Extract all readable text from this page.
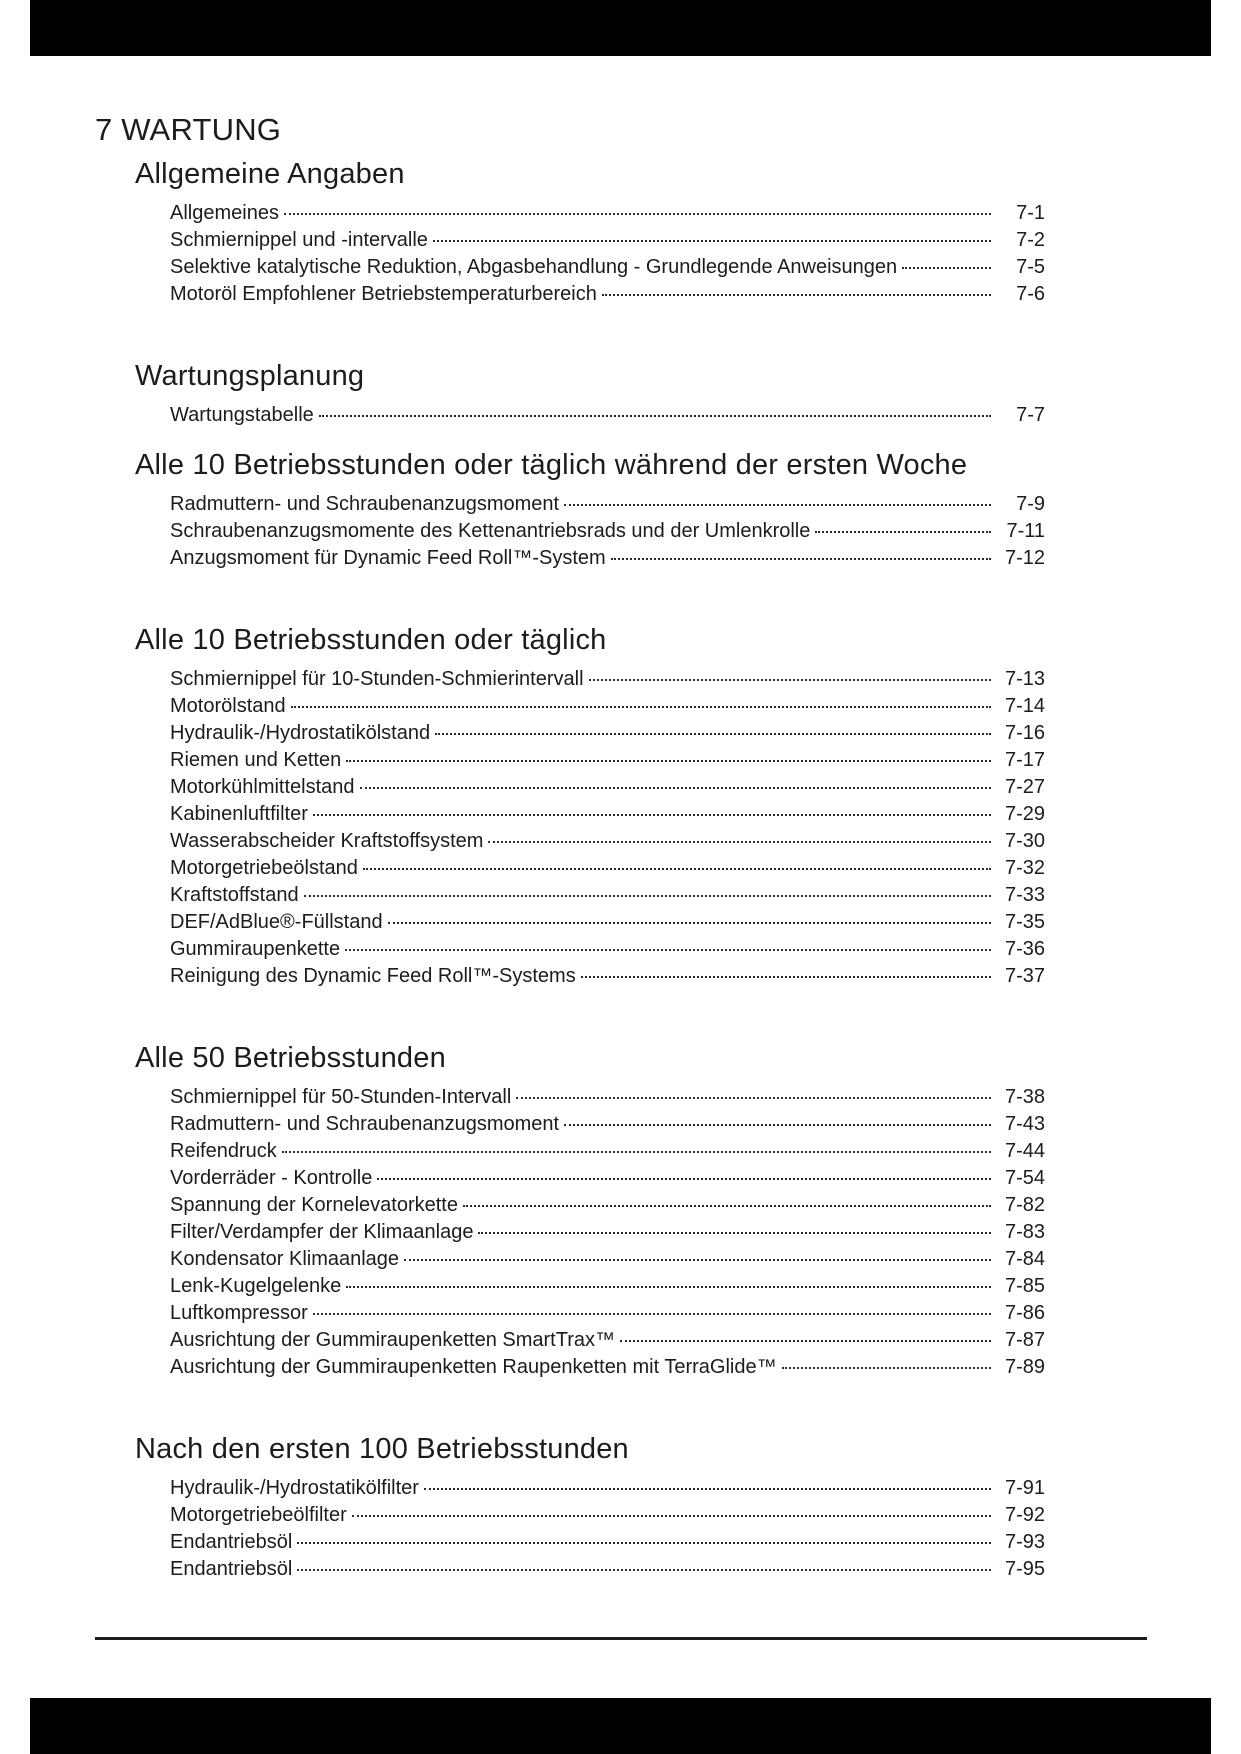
7 WARTUNG
Allgemeine Angaben
Allgemeines	7-1
Schmiernippel und -intervalle	7-2
Selektive katalytische Reduktion, Abgasbehandlung - Grundlegende Anweisungen	7-5
Motoröl Empfohlener Betriebstemperaturbereich	7-6
Wartungsplanung
Wartungstabelle	7-7
Alle 10 Betriebsstunden oder täglich während der ersten Woche
Radmuttern- und Schraubenanzugsmoment	7-9
Schraubenanzugsmomente des Kettenantriebsrads und der Umlenkrolle	7-11
Anzugsmoment für Dynamic Feed Roll™-System	7-12
Alle 10 Betriebsstunden oder täglich
Schmiernippel für 10-Stunden-Schmierintervall	7-13
Motorölstand	7-14
Hydraulik-/Hydrostatikölstand	7-16
Riemen und Ketten	7-17
Motorkühlmittelstand	7-27
Kabinenluftfilter	7-29
Wasserabscheider Kraftstoffsystem	7-30
Motorgetriebeölstand	7-32
Kraftstoffstand	7-33
DEF/AdBlue®-Füllstand	7-35
Gummiraupenkette	7-36
Reinigung des Dynamic Feed Roll™-Systems	7-37
Alle 50 Betriebsstunden
Schmiernippel für 50-Stunden-Intervall	7-38
Radmuttern- und Schraubenanzugsmoment	7-43
Reifendruck	7-44
Vorderräder - Kontrolle	7-54
Spannung der Kornelevatorkette	7-82
Filter/Verdampfer der Klimaanlage	7-83
Kondensator Klimaanlage	7-84
Lenk-Kugelgelenke	7-85
Luftkompressor	7-86
Ausrichtung der Gummiraupenketten SmartTrax™	7-87
Ausrichtung der Gummiraupenketten Raupenketten mit TerraGlide™	7-89
Nach den ersten 100 Betriebsstunden
Hydraulik-/Hydrostatikölfilter	7-91
Motorgetriebeölfilter	7-92
Endantriebsöl	7-93
Endantriebsöl	7-95
